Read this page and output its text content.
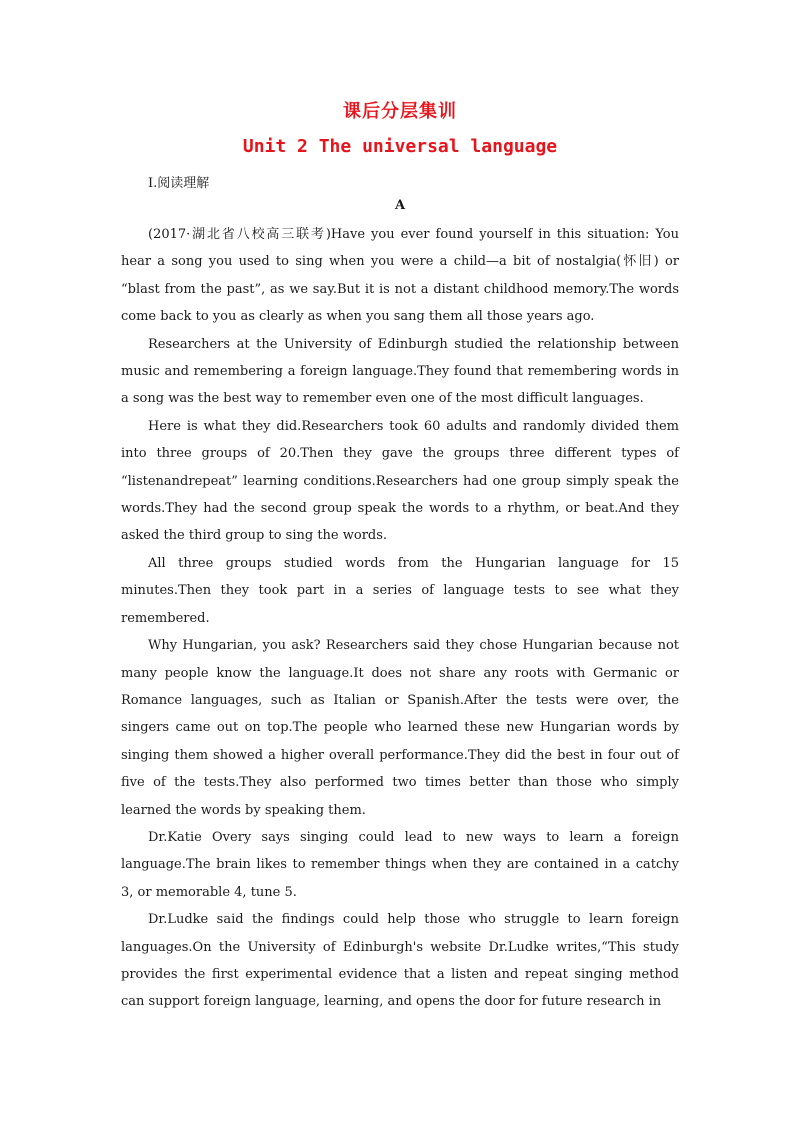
课后分层集训
Unit 2 The universal language
Ⅰ.阅读理解
A

(2017·湖北省八校高三联考)Have you ever found yourself in this situation: You hear a song you used to sing when you were a child—a bit of nostalgia(怀旧) or “blast from the past”, as we say.But it is not a distant childhood memory.The words come back to you as clearly as when you sang them all those years ago.

Researchers at the University of Edinburgh studied the relationship between music and remembering a foreign language.They found that remembering words in a song was the best way to remember even one of the most difficult languages.

Here is what they did.Researchers took 60 adults and randomly divided them into three groups of 20.Then they gave the groups three different types of “listenandrepeat” learning conditions.Researchers had one group simply speak the words.They had the second group speak the words to a rhythm, or beat.And they asked the third group to sing the words.

All three groups studied words from the Hungarian language for 15 minutes.Then they took part in a series of language tests to see what they remembered.

Why Hungarian, you ask? Researchers said they chose Hungarian because not many people know the language.It does not share any roots with Germanic or Romance languages, such as Italian or Spanish.After the tests were over, the singers came out on top.The people who learned these new Hungarian words by singing them showed a higher overall performance.They did the best in four out of five of the tests.They also performed two times better than those who simply learned the words by speaking them.

Dr.Katie Overy says singing could lead to new ways to learn a foreign language.The brain likes to remember things when they are contained in a catchy 3, or memorable 4, tune 5.

Dr.Ludke said the findings could help those who struggle to learn foreign languages.On the University of Edinburgh's website Dr.Ludke writes,“This study provides the first experimental evidence that a listen and repeat singing method can support foreign language, learning, and opens the door for future research in
